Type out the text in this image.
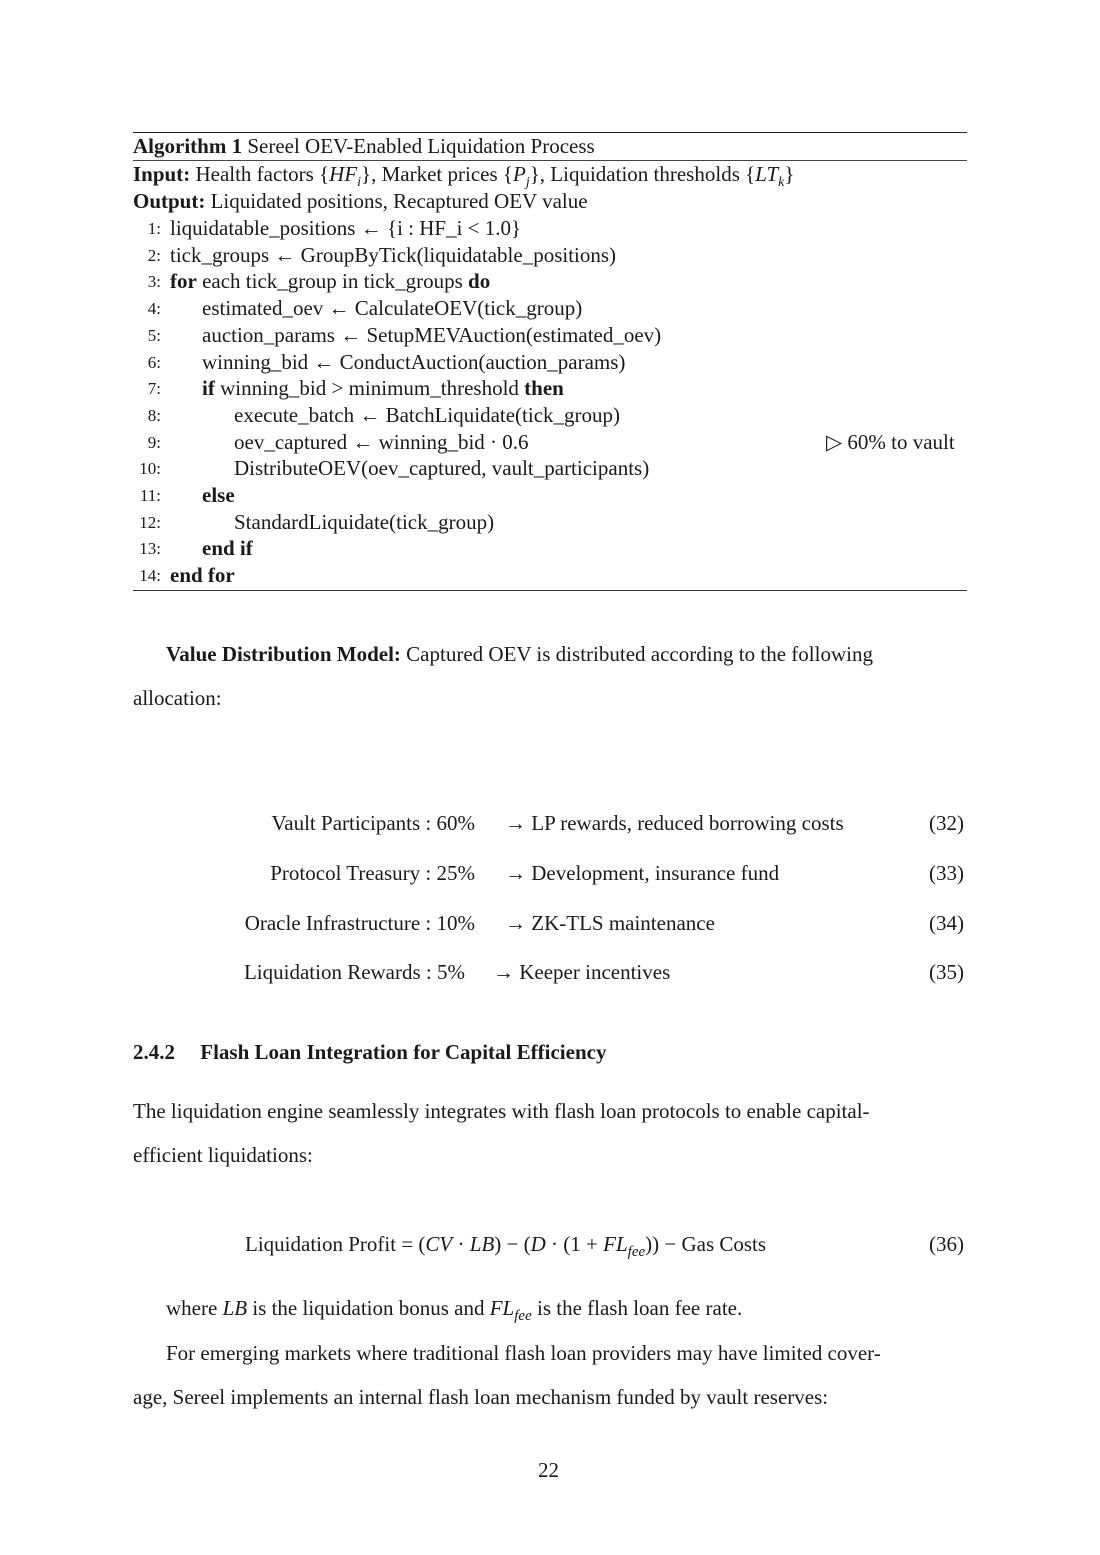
Algorithm 1 Sereel OEV-Enabled Liquidation Process
Input: Health factors $\{HF_i\}$, Market prices $\{P_j\}$, Liquidation thresholds $\{LT_k\}$
Output: Liquidated positions, Recaptured OEV value
1: liquidatable_positions ← {i : HF_i < 1.0}
2: tick_groups ← GroupByTick(liquidatable_positions)
3: for each tick_group in tick_groups do
4: estimated_oev ← CalculateOEV(tick_group)
5: auction_params ← SetupMEVAuction(estimated_oev)
6: winning_bid ← ConductAuction(auction_params)
7: if winning_bid > minimum_threshold then
8:	execute_batch ← BatchLiquidate(tick_group)
9:	oev_captured ← winning_bid · 0.6	▷ 60% to vault
10:	DistributeOEV(oev_captured, vault_participants)
11: else
12:	StandardLiquidate(tick_group)
13: end if
14: end for
Value Distribution Model: Captured OEV is distributed according to the following
allocation:
Vault Participants : 60% → LP rewards, reduced borrowing costs	(32)
Protocol Treasury : 25% → Development, insurance fund	(33)
Oracle Infrastructure : 10% → ZK-TLS maintenance	(34)
Liquidation Rewards : 5% → Keeper incentives	(35)
2.4.2 Flash Loan Integration for Capital Efficiency
The liquidation engine seamlessly integrates with flash loan protocols to enable capital-
efficient liquidations:
Liquidation Profit = $(CV \cdot LB) - (D \cdot (1 + FL_{fee}))$ − Gas Costs	(36)
where LB is the liquidation bonus and $FL_{fee}$ is the flash loan fee rate.
For emerging markets where traditional flash loan providers may have limited cover-
age, Sereel implements an internal flash loan mechanism funded by vault reserves:
22
